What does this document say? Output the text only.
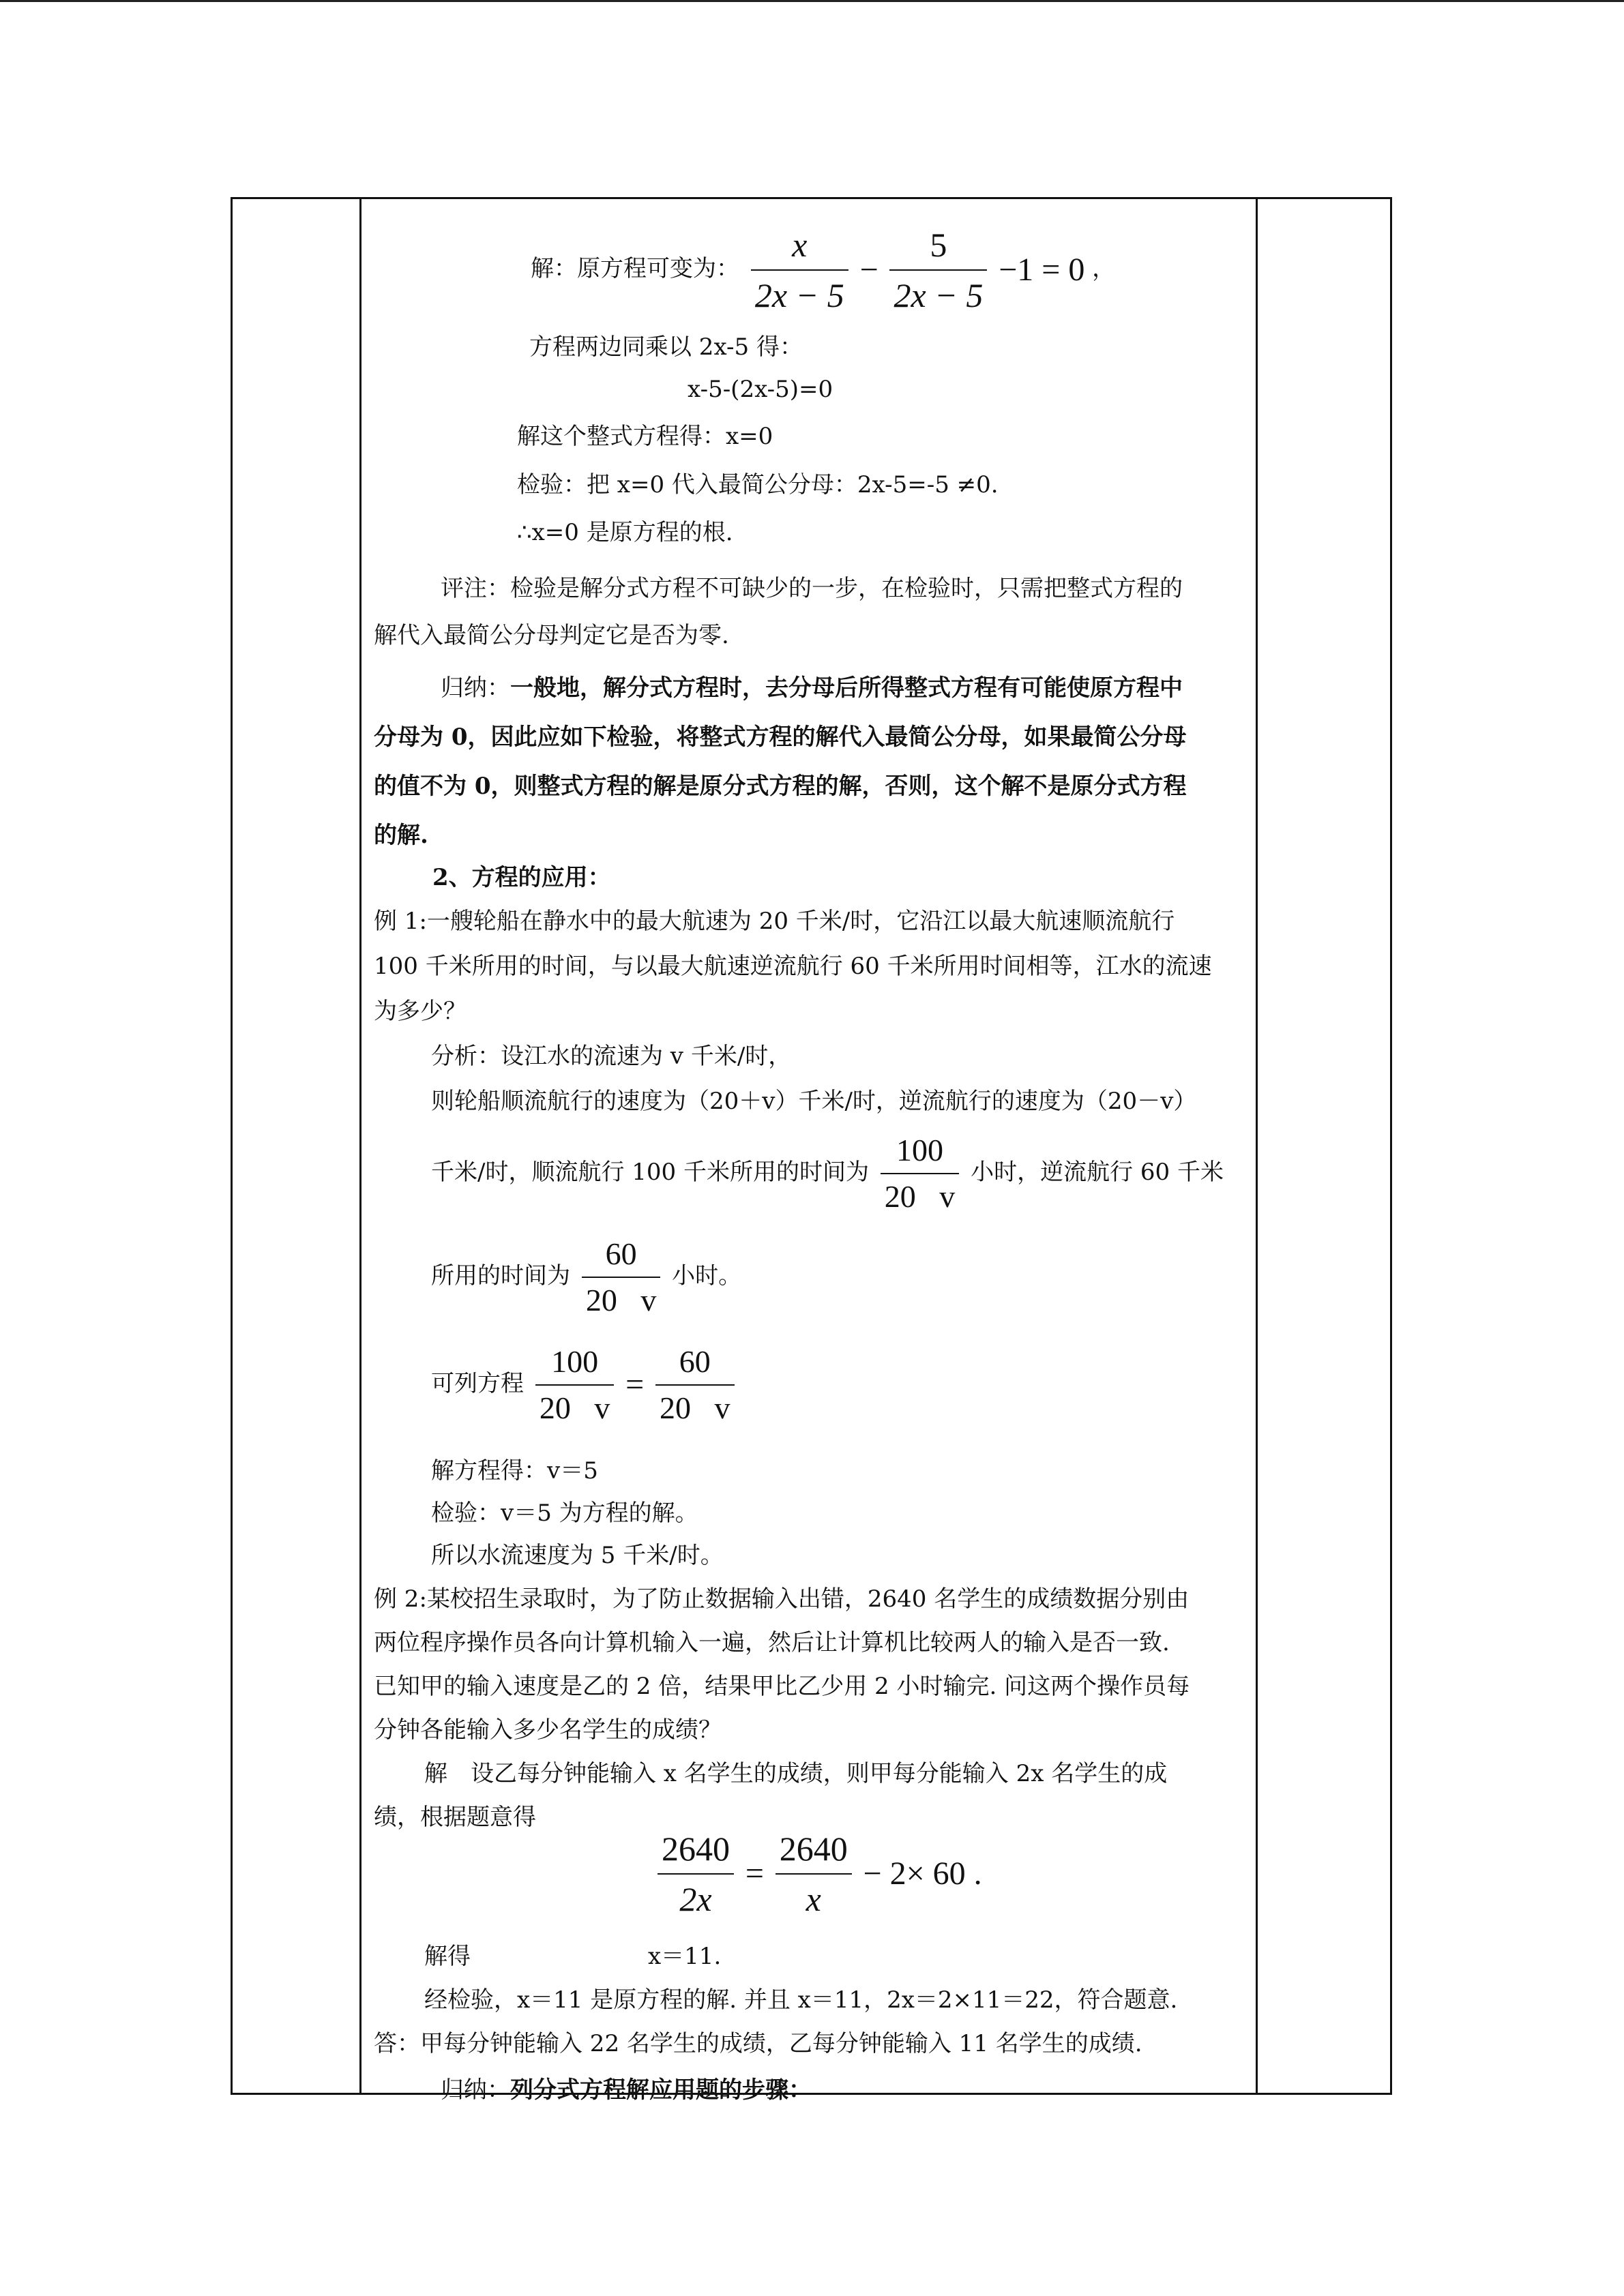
解：原方程可变为： $\frac{x}{2x - 5} - \frac{5}{2x - 5} -1 = 0$ ，
方程两边同乘以 2x-5 得：
x-5-(2x-5)=0
解这个整式方程得：x=0
检验：把 x=0 代入最简公分母：2x-5=-5 ≠0.
∴x=0 是原方程的根.
评注：检验是解分式方程不可缺少的一步，在检验时，只需把整式方程的
解代入最简公分母判定它是否为零.
归纳：一般地，解分式方程时，去分母后所得整式方程有可能使原方程中
分母为 0，因此应如下检验，将整式方程的解代入最简公分母，如果最简公分母
的值不为 0，则整式方程的解是原分式方程的解，否则，这个解不是原分式方程
的解.
2、方程的应用：
例 1:一艘轮船在静水中的最大航速为 20 千米/时，它沿江以最大航速顺流航行
100 千米所用的时间，与以最大航速逆流航行 60 千米所用时间相等，江水的流速
为多少？
分析：设江水的流速为 v 千米/时，
则轮船顺流航行的速度为（20＋v）千米/时，逆流航行的速度为（20－v）
千米/时，顺流航行 100 千米所用的时间为 $\frac{100}{20 v}$ 小时，逆流航行 60 千米
所用的时间为 $\frac{60}{20 v}$ 小时。
可列方程 $\frac{100}{20 v} = \frac{60}{20 v}$
解方程得：v＝5
检验：v＝5 为方程的解。
所以水流速度为 5 千米/时。
例 2:某校招生录取时，为了防止数据输入出错，2640 名学生的成绩数据分别由
两位程序操作员各向计算机输入一遍，然后让计算机比较两人的输入是否一致.
已知甲的输入速度是乙的 2 倍，结果甲比乙少用 2 小时输完. 问这两个操作员每
分钟各能输入多少名学生的成绩？
解　设乙每分钟能输入 x 名学生的成绩，则甲每分能输入 2x 名学生的成
绩，根据题意得
$\frac{2640}{2x} = \frac{2640}{x} - 2\times 60$ .
解得	x＝11.
经检验，x＝11 是原方程的解. 并且 x＝11，2x＝2×11＝22，符合题意.
答：甲每分钟能输入 22 名学生的成绩，乙每分钟能输入 11 名学生的成绩.
归纳：列分式方程解应用题的步骤：
